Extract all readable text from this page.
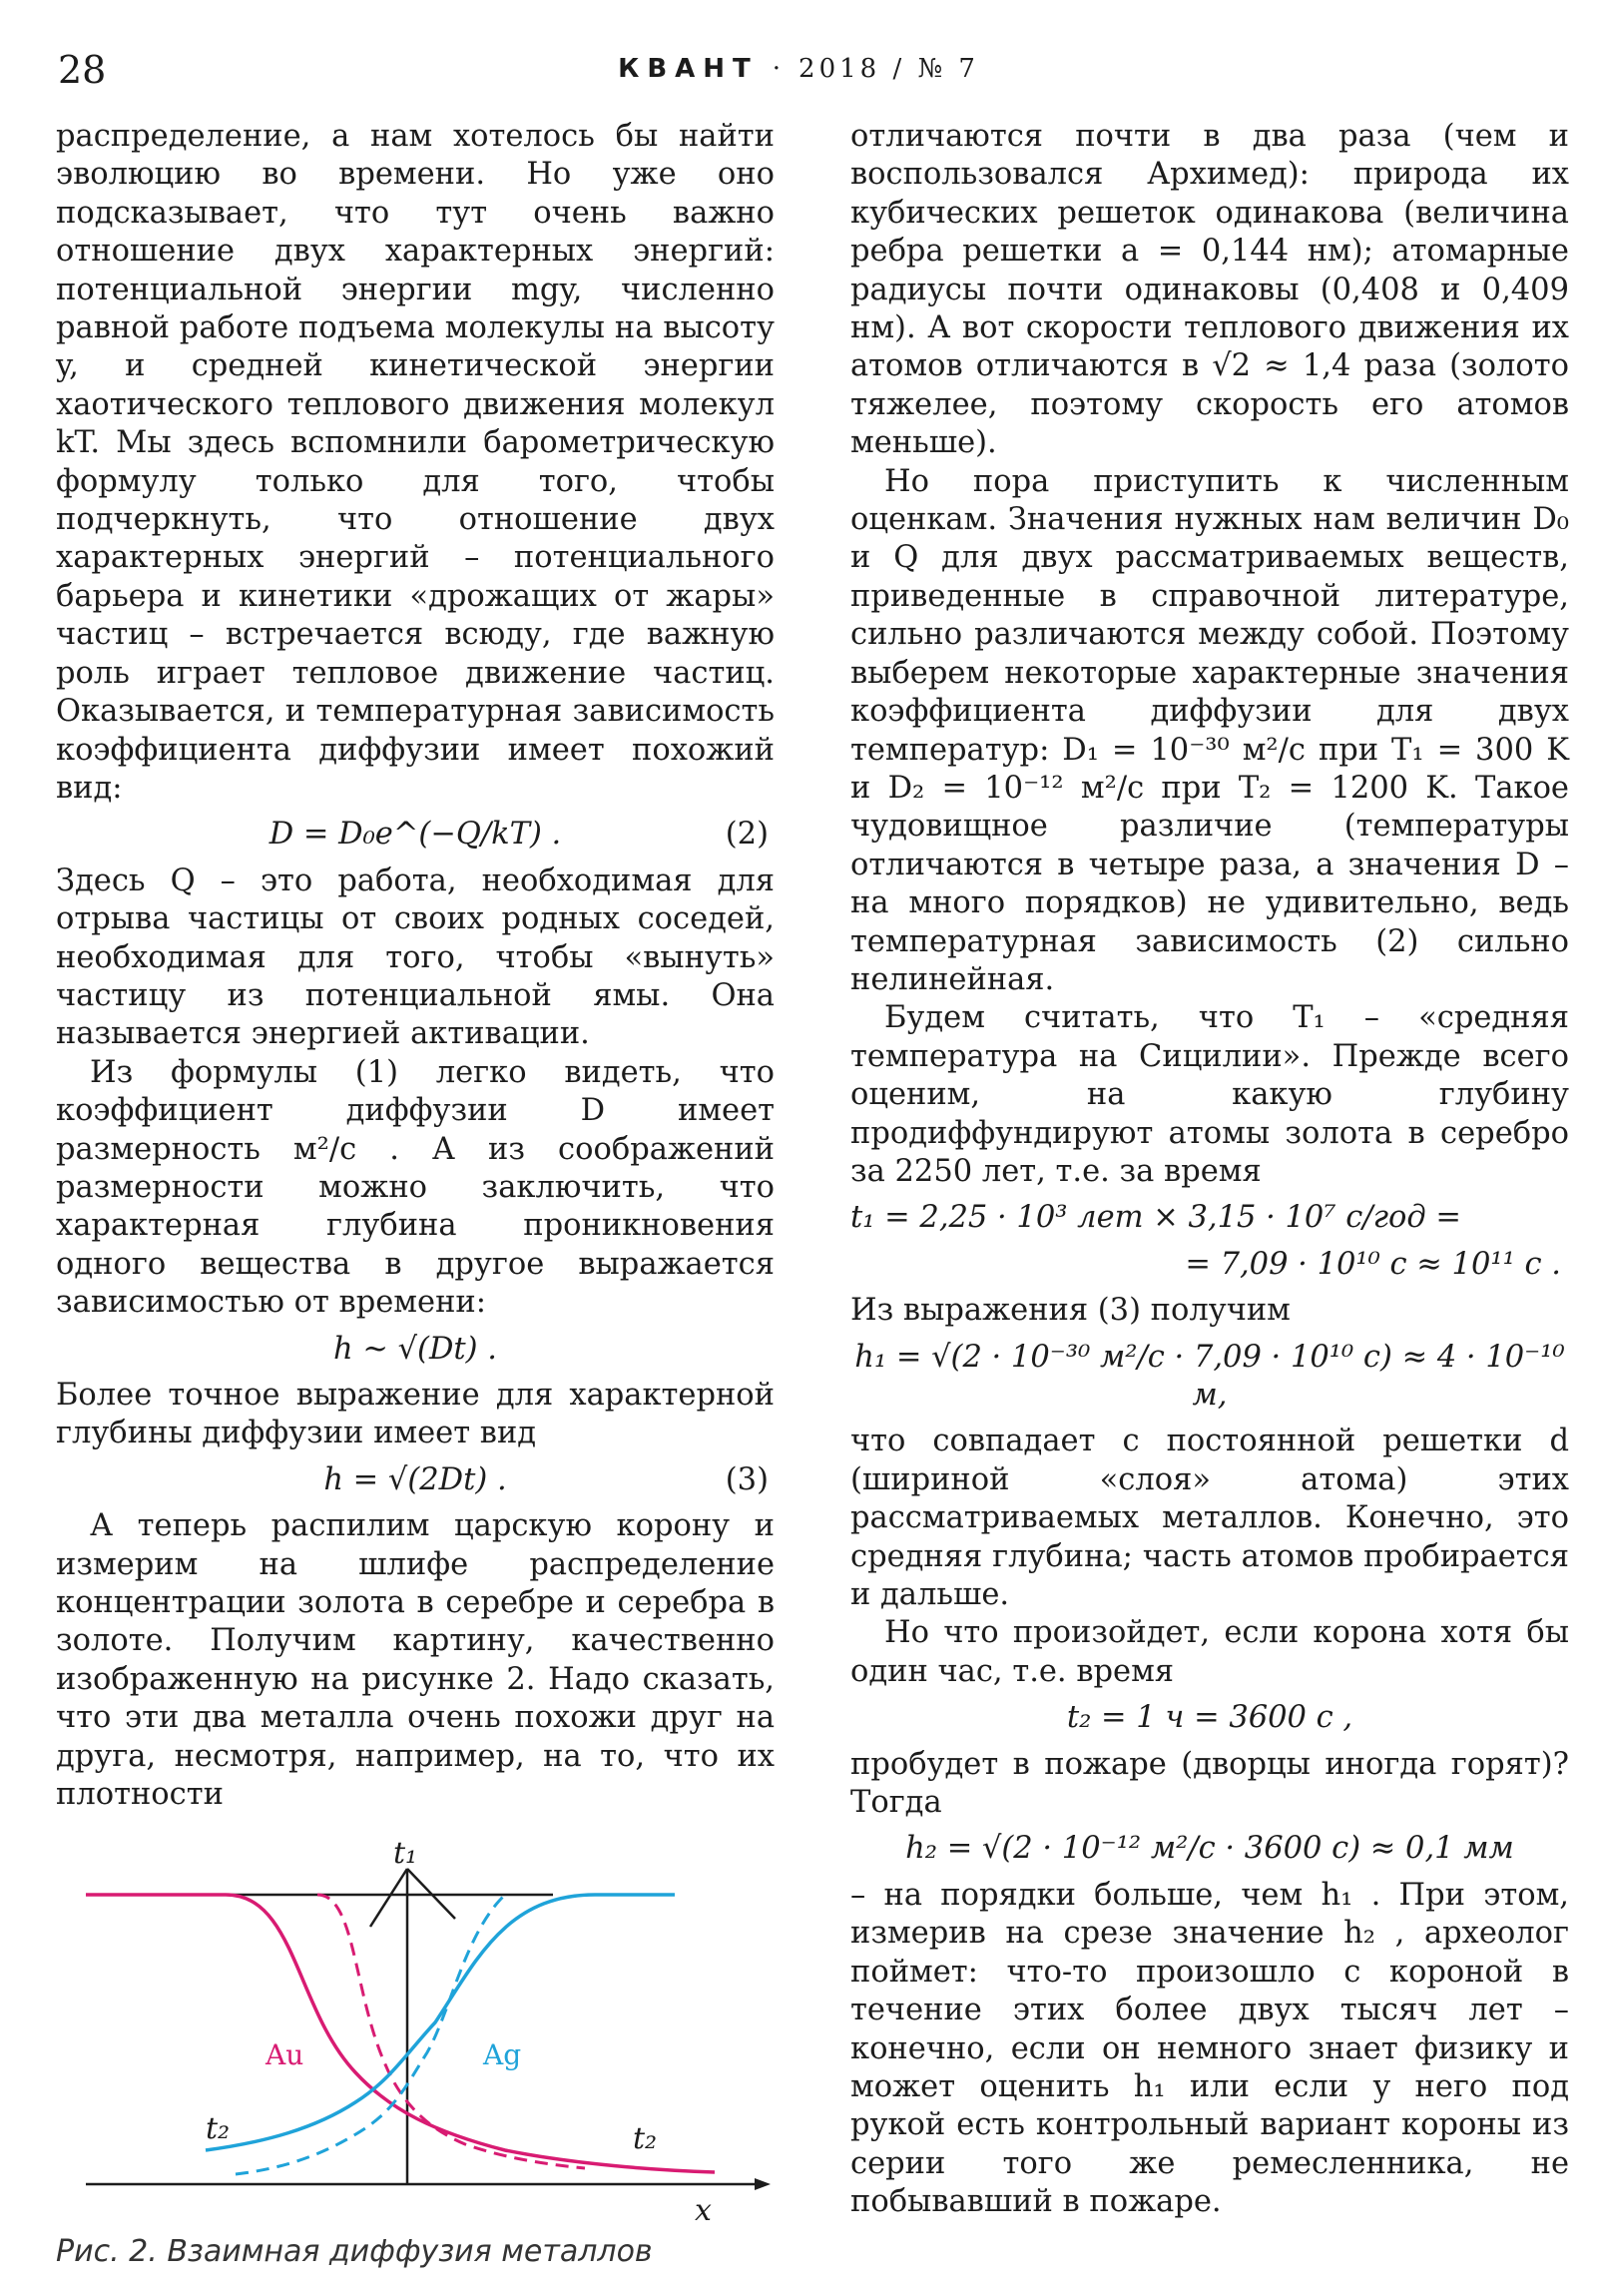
28	КВАНТ · 2018 / № 7

распределение, а нам хотелось бы найти эволюцию во времени. Но уже оно подсказывает, что тут очень важно отношение двух характерных энергий: потенциальной энергии mgy, численно равной работе подъема молекулы на высоту y, и средней кинетической энергии хаотического теплового движения молекул kT. Мы здесь вспомнили барометрическую формулу только для того, чтобы подчеркнуть, что отношение двух характерных энергий – потенциального барьера и кинетики «дрожащих от жары» частиц – встречается всюду, где важную роль играет тепловое движение частиц. Оказывается, и температурная зависимость коэффициента диффузии имеет похожий вид:

D = D₀e^(−Q/kT) .	(2)

Здесь Q – это работа, необходимая для отрыва частицы от своих родных соседей, необходимая для того, чтобы «вынуть» частицу из потенциальной ямы. Она называется энергией активации.

Из формулы (1) легко видеть, что коэффициент диффузии D имеет размерность м²/с . А из соображений размерности можно заключить, что характерная глубина проникновения одного вещества в другое выражается зависимостью от времени:

h ~ √(Dt) .

Более точное выражение для характерной глубины диффузии имеет вид

h = √(2Dt) .	(3)

А теперь распилим царскую корону и измерим на шлифе распределение концентрации золота в серебре и серебра в золоте. Получим картину, качественно изображенную на рисунке 2. Надо сказать, что эти два металла очень похожи друг на друга, несмотря, например, на то, что их плотности

отличаются почти в два раза (чем и воспользовался Архимед): природа их кубических решеток одинакова (величина ребра решетки a = 0,144 нм); атомарные радиусы почти одинаковы (0,408 и 0,409 нм). А вот скорости теплового движения их атомов отличаются в √2 ≈ 1,4 раза (золото тяжелее, поэтому скорость его атомов меньше).

Но пора приступить к численным оценкам. Значения нужных нам величин D₀ и Q для двух рассматриваемых веществ, приведенные в справочной литературе, сильно различаются между собой. Поэтому выберем некоторые характерные значения коэффициента диффузии для двух температур: D₁ = 10⁻³⁰ м²/с при T₁ = 300 K и D₂ = 10⁻¹² м²/с при T₂ = 1200 K. Такое чудовищное различие (температуры отличаются в четыре раза, а значения D – на много порядков) не удивительно, ведь температурная зависимость (2) сильно нелинейная.

Будем считать, что T₁ – «средняя температура на Сицилии». Прежде всего оценим, на какую глубину продиффундируют атомы золота в серебро за 2250 лет, т.е. за время

t₁ = 2,25 · 10³ лет × 3,15 · 10⁷ с/год =
= 7,09 · 10¹⁰ с ≈ 10¹¹ с .

Из выражения (3) получим

h₁ = √(2 · 10⁻³⁰ м²/с · 7,09 · 10¹⁰ с) ≈ 4 · 10⁻¹⁰ м,

что совпадает с постоянной решетки d (шириной «слоя» атома) этих рассматриваемых металлов. Конечно, это средняя глубина; часть атомов пробирается и дальше.

Но что произойдет, если корона хотя бы один час, т.е. время

t₂ = 1 ч = 3600 с ,

пробудет в пожаре (дворцы иногда горят)? Тогда

h₂ = √(2 · 10⁻¹² м²/с · 3600 с) ≈ 0,1 мм

– на порядки больше, чем h₁ . При этом, измерив на срезе значение h₂ , археолог поймет: что-то произошло с короной в течение этих более двух тысяч лет – конечно, если он немного знает физику и может оценить h₁ или если у него под рукой есть контрольный вариант короны из серии того же ремесленника, не побывавший в пожаре.

t₁
Au	Ag
t₂	t₂
x
Рис. 2. Взаимная диффузия металлов
